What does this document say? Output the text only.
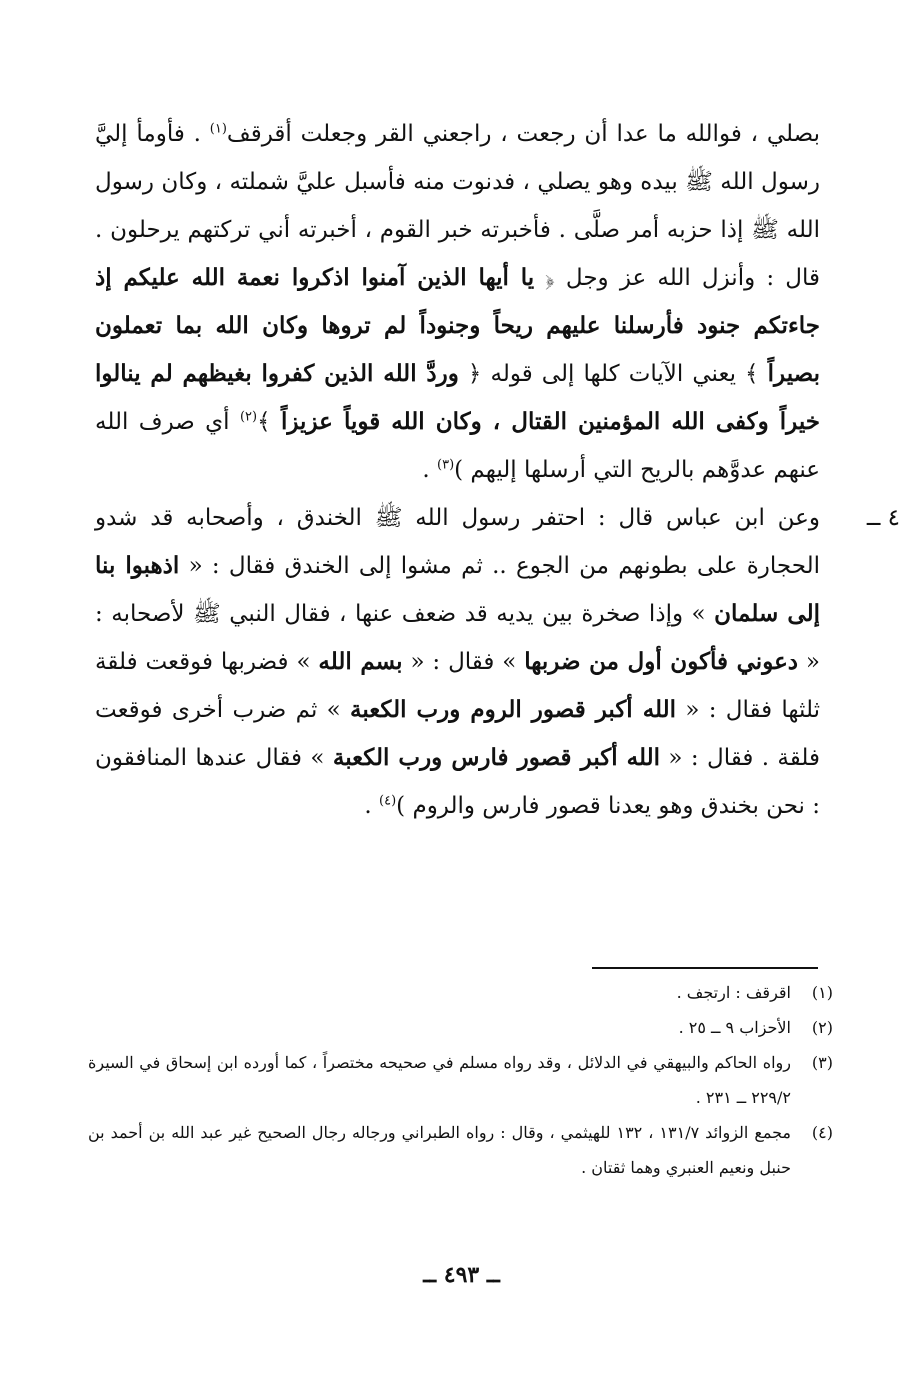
بصلي ، فوالله ما عدا أن رجعت ، راجعني القر وجعلت أقرقف$^{(١)}$ . فأومأ إليَّ رسول الله ﷺ بيده وهو يصلي ، فدنوت منه فأسبل عليَّ شملته ، وكان رسول الله ﷺ إذا حزبه أمر صلَّى . فأخبرته خبر القوم ، أخبرته أني تركتهم يرحلون . قال : وأنزل الله عز وجل ﴿ يا أيها الذين آمنوا اذكروا نعمة الله عليكم إذ جاءتكم جنود فأرسلنا عليهم ريحاً وجنوداً لم تروها وكان الله بما تعملون بصيراً ﴾ يعني الآيات كلها إلى قوله ﴿ وردَّ الله الذين كفروا بغيظهم لم ينالوا خيراً وكفى الله المؤمنين القتال ، وكان الله قوياً عزيزاً ﴾$^{(٢)}$ أي صرف الله عنهم عدوَّهم بالريح التي أرسلها إليهم )$^{(٣)}$ .

٤ ــ
وعن ابن عباس قال : احتفر رسول الله ﷺ الخندق ، وأصحابه قد شدو الحجارة على بطونهم من الجوع .. ثم مشوا إلى الخندق فقال : « اذهبوا بنا إلى سلمان » وإذا صخرة بين يديه قد ضعف عنها ، فقال النبي ﷺ لأصحابه : « دعوني فأكون أول من ضربها » فقال : « بسم الله » فضربها فوقعت فلقة ثلثها فقال : « الله أكبر قصور الروم ورب الكعبة » ثم ضرب أخرى فوقعت فلقة . فقال : « الله أكبر قصور فارس ورب الكعبة » فقال عندها المنافقون : نحن بخندق وهو يعدنا قصور فارس والروم )$^{(٤)}$ .

(١)
اقرقف : ارتجف .
(٢)
الأحزاب ٩ ــ ٢٥ .
(٣)
رواه الحاكم والبيهقي في الدلائل ، وقد رواه مسلم في صحيحه مختصراً ، كما أورده ابن إسحاق في السيرة ٢٢٩/٢ ــ ٢٣١ .
(٤)
مجمع الزوائد ١٣١/٧ ، ١٣٢ للهيثمي ، وقال : رواه الطبراني ورجاله رجال الصحيح غير عبد الله بن أحمد بن حنبل ونعيم العنبري وهما ثقتان .
ــ ٤٩٣ ــ
